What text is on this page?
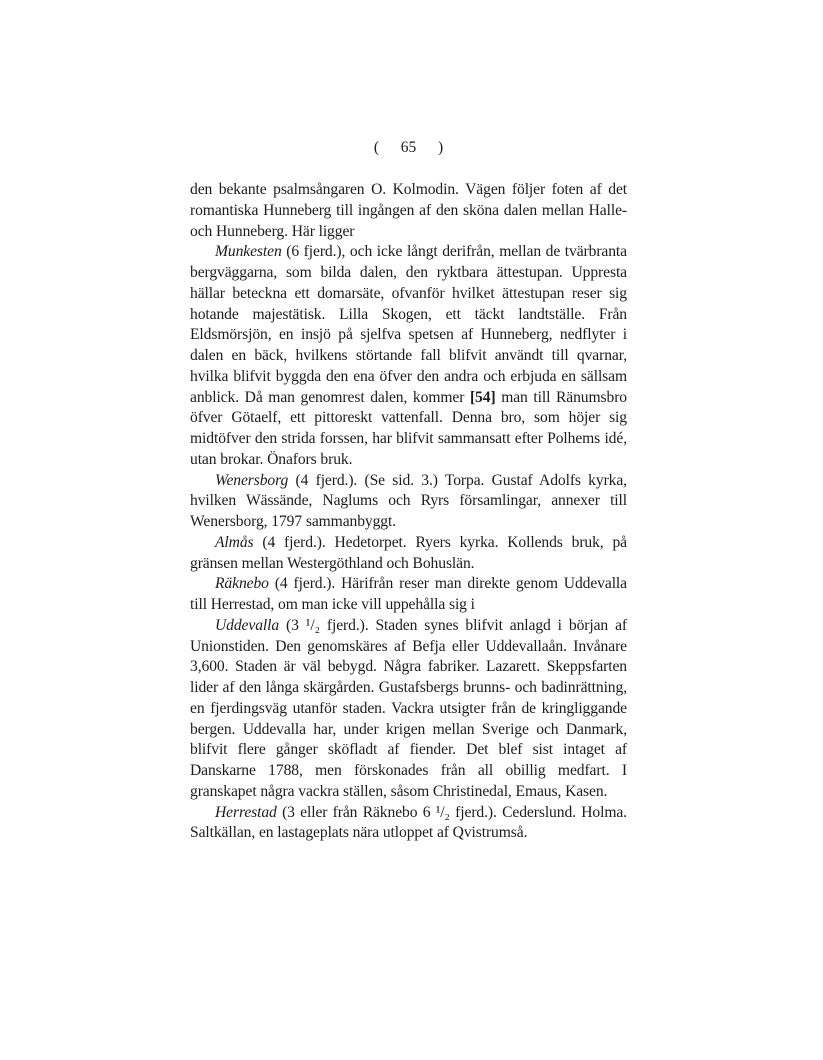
(  65  )

den bekante psalmsångaren O. Kolmodin. Vägen följer foten af det romantiska Hunneberg till ingången af den sköna dalen mellan Halle- och Hunneberg. Här ligger

Munkesten (6 fjerd.), och icke långt derifrån, mellan de tvärbranta bergväggarna, som bilda dalen, den ryktbara ättestupan. Uppresta hällar beteckna ett domarsäte, ofvanför hvilket ättestupan reser sig hotande majestätisk. Lilla Skogen, ett täckt landtställe. Från Eldsmörsjön, en insjö på sjelfva spetsen af Hunneberg, nedflyter i dalen en bäck, hvilkens störtande fall blifvit användt till qvarnar, hvilka blifvit byggda den ena öfver den andra och erbjuda en sällsam anblick. Då man genomrest dalen, kommer [54] man till Ränumsbro öfver Götaelf, ett pittoreskt vattenfall. Denna bro, som höjer sig midtöfver den strida forssen, har blifvit sammansatt efter Polhems idé, utan brokar. Önafors bruk.

Wenersborg (4 fjerd.). (Se sid. 3.) Torpa. Gustaf Adolfs kyrka, hvilken Wässände, Naglums och Ryrs församlingar, annexer till Wenersborg, 1797 sammanbyggt.

Almås (4 fjerd.). Hedetorpet. Ryers kyrka. Kollends bruk, på gränsen mellan Westergöthland och Bohuslän.

Räknebo (4 fjerd.). Härifrån reser man direkte genom Uddevalla till Herrestad, om man icke vill uppehålla sig i

Uddevalla (3 ¹/₂ fjerd.). Staden synes blifvit anlagd i början af Unionstiden. Den genomskäres af Befja eller Uddevallaån. Invånare 3,600. Staden är väl bebygd. Några fabriker. Lazarett. Skeppsfarten lider af den långa skärgården. Gustafsbergs brunns- och badinrättning, en fjerdingsväg utanför staden. Vackra utsigter från de kringliggande bergen. Uddevalla har, under krigen mellan Sverige och Danmark, blifvit flere gånger sköfladt af fiender. Det blef sist intaget af Danskarne 1788, men förskonades från all obillig medfart. I granskapet några vackra ställen, såsom Christinedal, Emaus, Kasen.

Herrestad (3 eller från Räknebo 6 ¹/₂ fjerd.). Cederslund. Holma. Saltkällan, en lastageplats nära utloppet af Qvistrumså.
